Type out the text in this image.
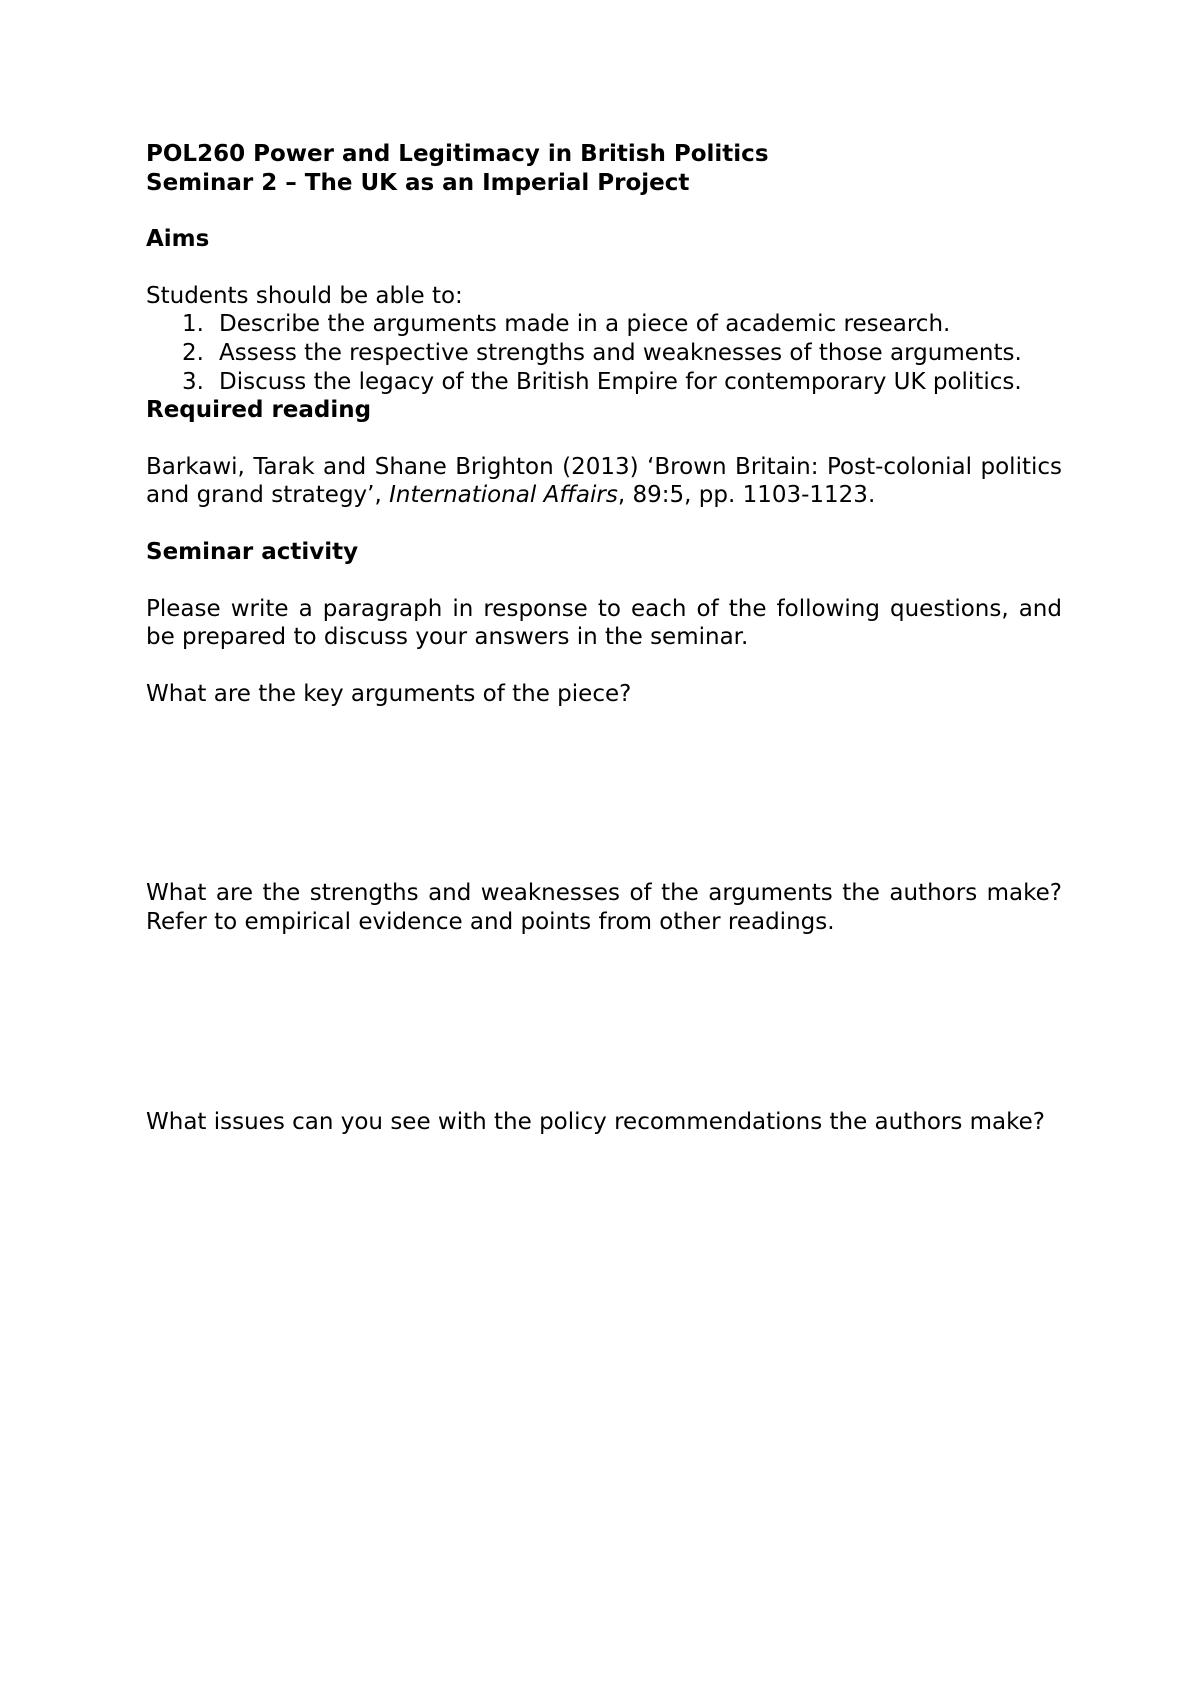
POL260 Power and Legitimacy in British Politics

Seminar 2 – The UK as an Imperial Project

Aims

Students should be able to:

1. Describe the arguments made in a piece of academic research.
2. Assess the respective strengths and weaknesses of those arguments.
3. Discuss the legacy of the British Empire for contemporary UK politics.

Required reading

Barkawi, Tarak and Shane Brighton (2013) ‘Brown Britain: Post-colonial politics and grand strategy’, International Affairs, 89:5, pp. 1103-1123.

Seminar activity

Please write a paragraph in response to each of the following questions, and be prepared to discuss your answers in the seminar.

What are the key arguments of the piece?

What are the strengths and weaknesses of the arguments the authors make? Refer to empirical evidence and points from other readings.

What issues can you see with the policy recommendations the authors make?
